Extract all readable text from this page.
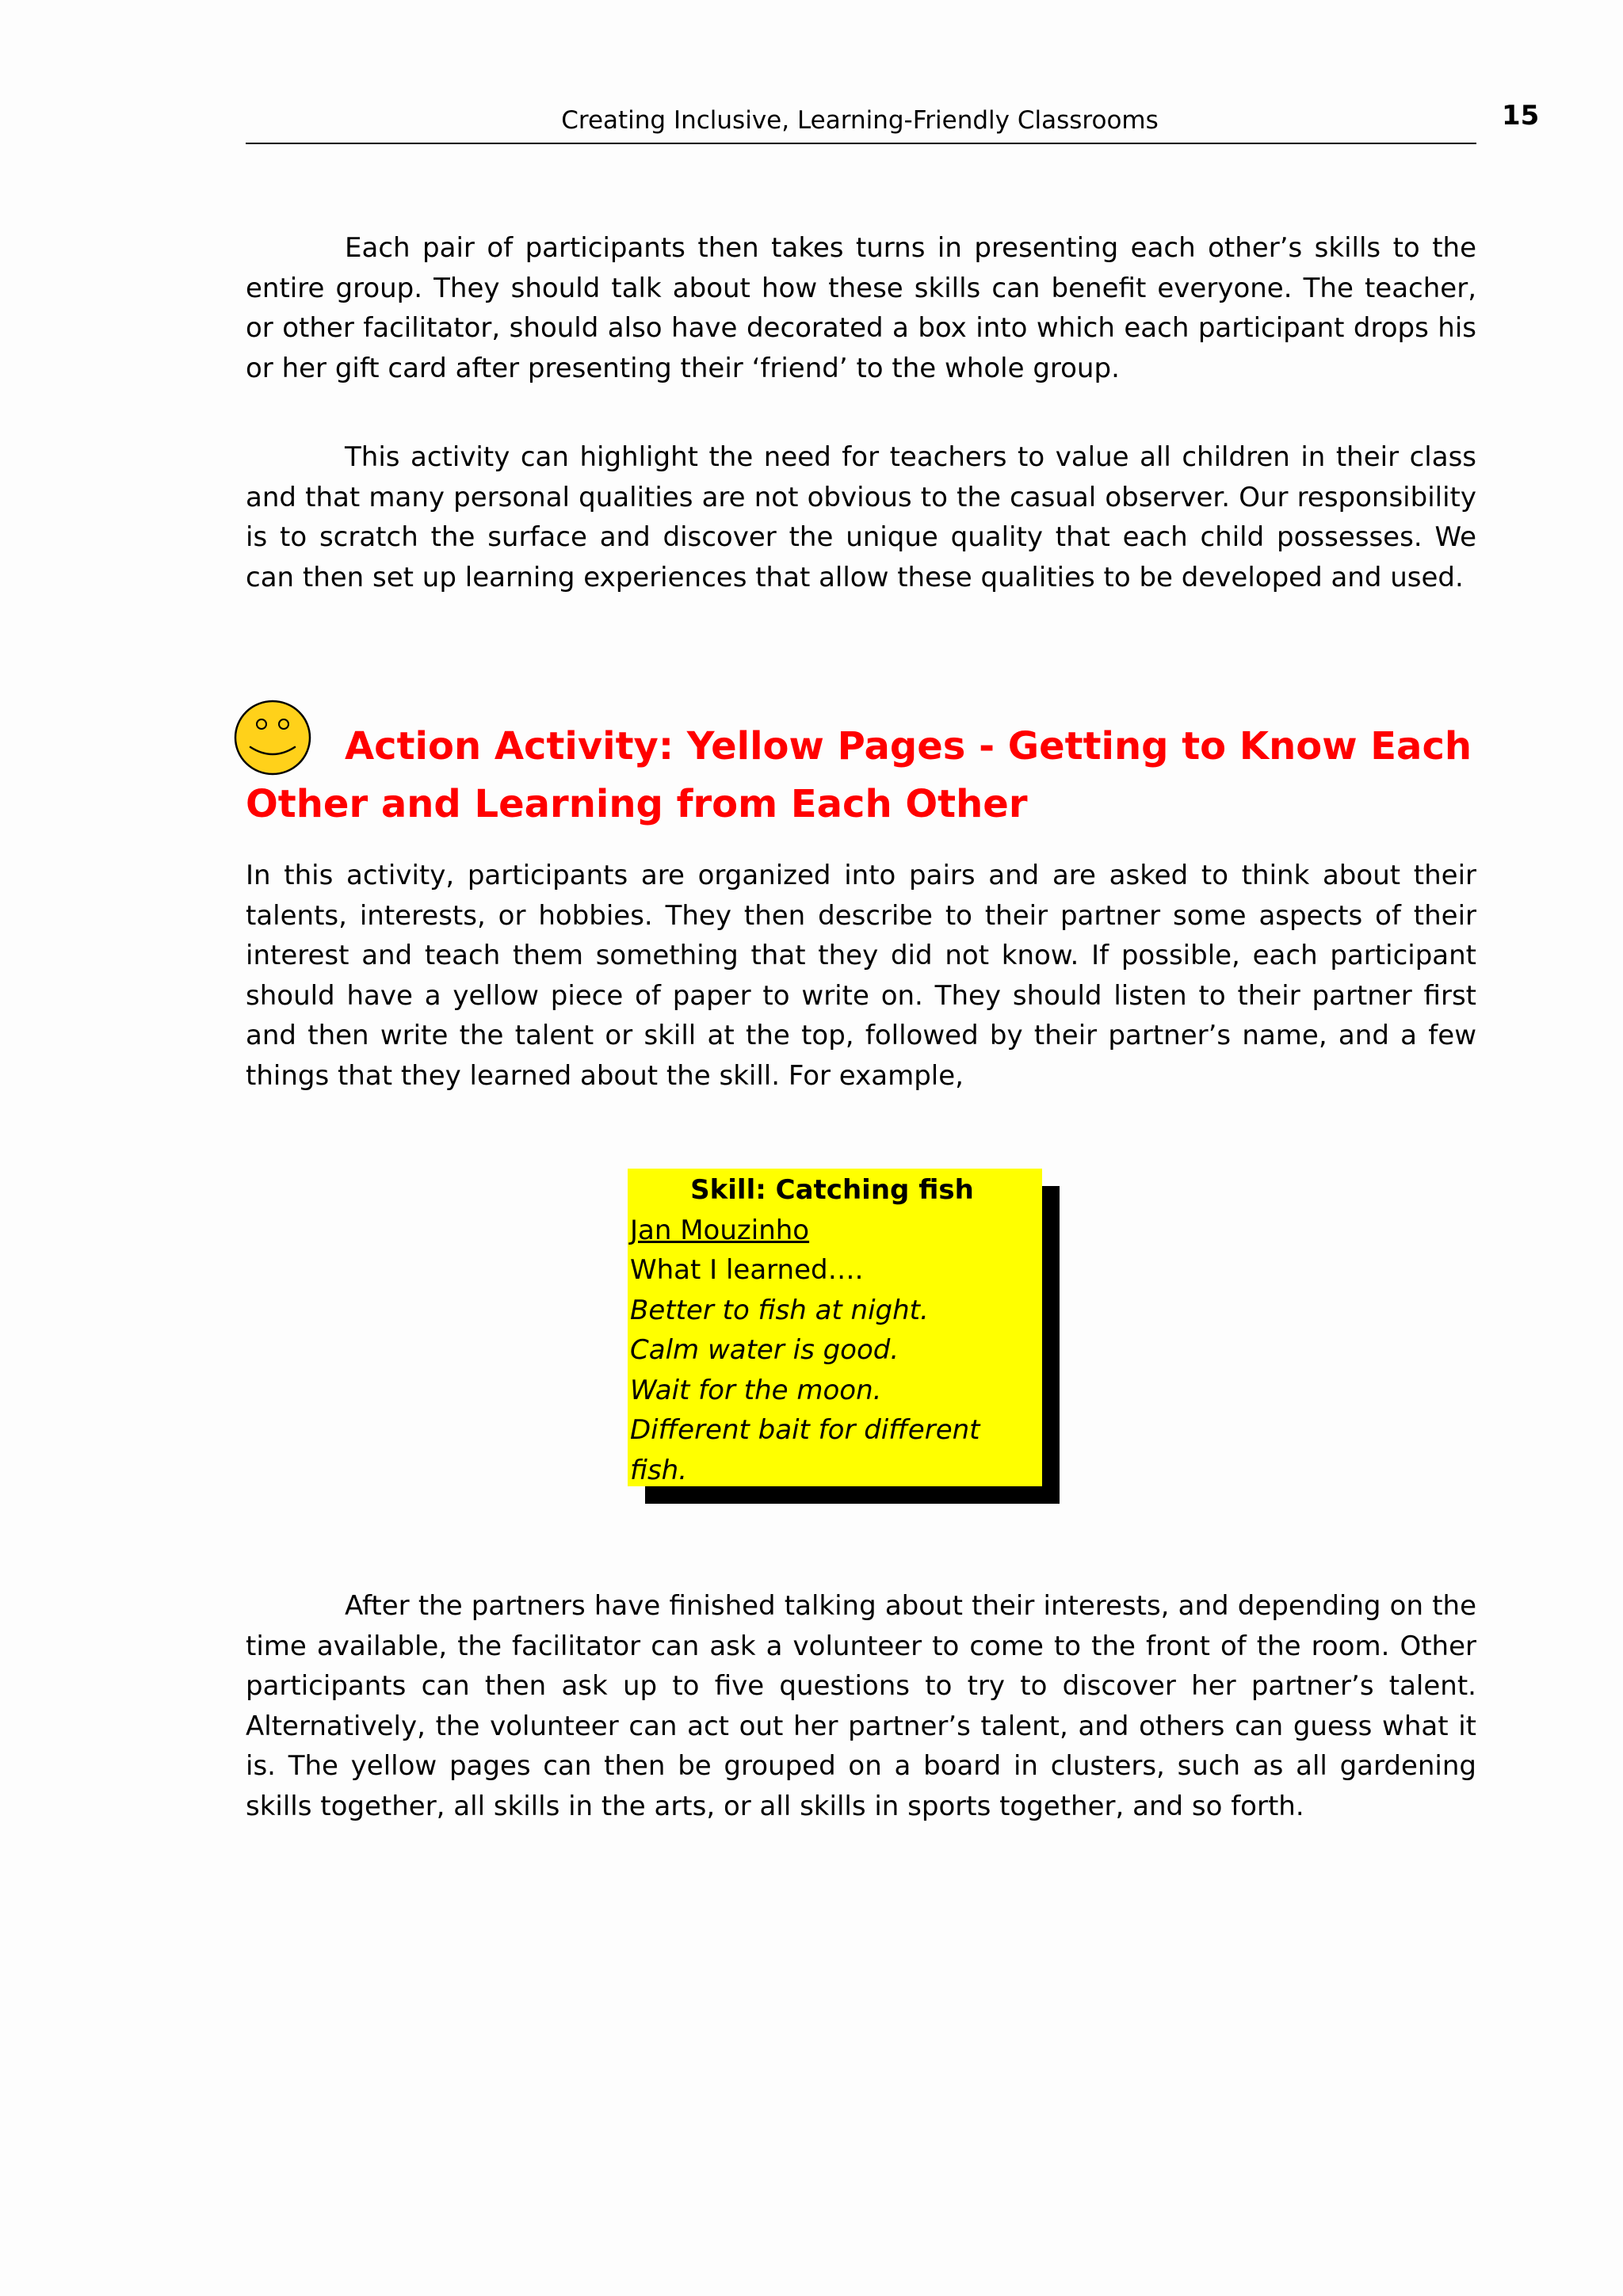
Creating Inclusive, Learning-Friendly Classrooms	15

Each pair of participants then takes turns in presenting each other’s skills to the entire group. They should talk about how these skills can benefit everyone. The teacher, or other facilitator, should also have decorated a box into which each participant drops his or her gift card after presenting their ‘friend’ to the whole group.

This activity can highlight the need for teachers to value all children in their class and that many personal qualities are not obvious to the casual observer. Our responsibility is to scratch the surface and discover the unique quality that each child possesses. We can then set up learning experiences that allow these qualities to be developed and used.

Action Activity: Yellow Pages - Getting to Know Each Other and Learning from Each Other

In this activity, participants are organized into pairs and are asked to think about their talents, interests, or hobbies. They then describe to their partner some aspects of their interest and teach them something that they did not know. If possible, each participant should have a yellow piece of paper to write on. They should listen to their partner first and then write the talent or skill at the top, followed by their partner’s name, and a few things that they learned about the skill. For example,

Skill: Catching fish
Jan Mouzinho
What I learned….
Better to fish at night.
Calm water is good.
Wait for the moon.
Different bait for different
fish.

After the partners have finished talking about their interests, and depending on the time available, the facilitator can ask a volunteer to come to the front of the room. Other participants can then ask up to five questions to try to discover her partner’s talent. Alternatively, the volunteer can act out her partner’s talent, and others can guess what it is. The yellow pages can then be grouped on a board in clusters, such as all gardening skills together, all skills in the arts, or all skills in sports together, and so forth.
